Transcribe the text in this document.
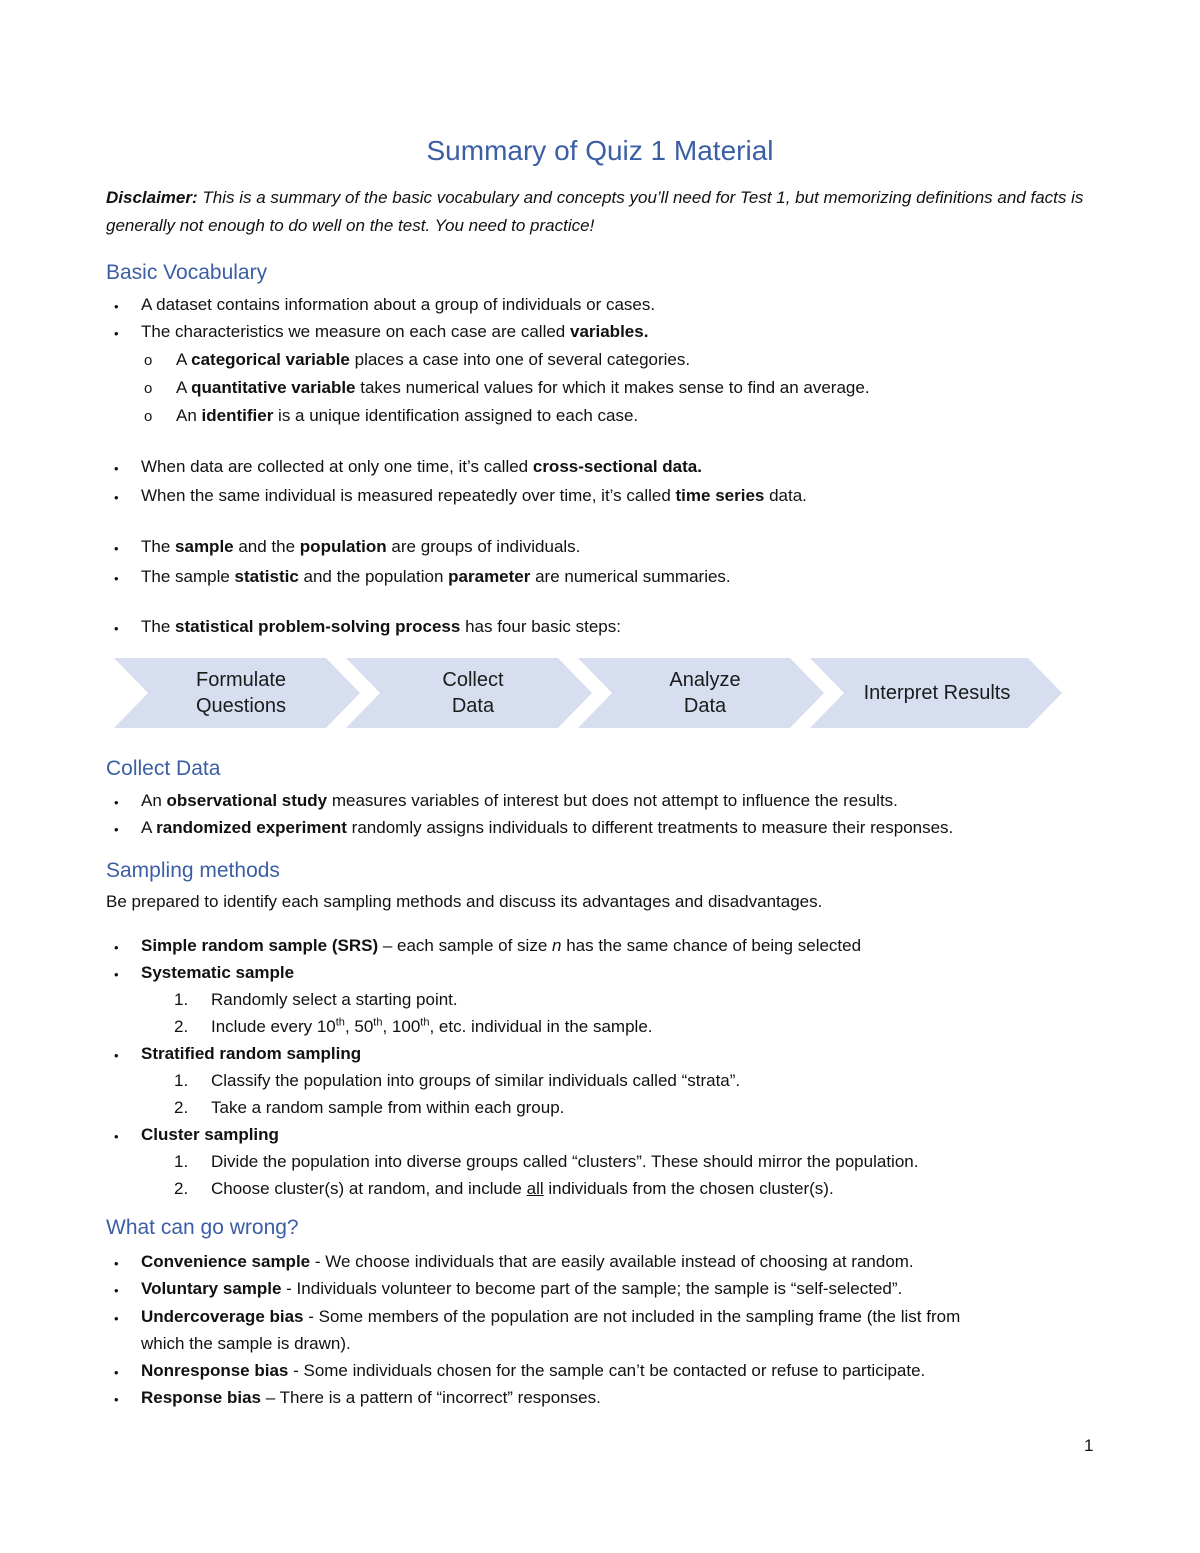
Summary of Quiz 1 Material
Disclaimer: This is a summary of the basic vocabulary and concepts you’ll need for Test 1, but memorizing definitions and facts is generally not enough to do well on the test. You need to practice!
Basic Vocabulary
• A dataset contains information about a group of individuals or cases.
• The characteristics we measure on each case are called variables.
o A categorical variable places a case into one of several categories.
o A quantitative variable takes numerical values for which it makes sense to find an average.
o An identifier is a unique identification assigned to each case.
• When data are collected at only one time, it’s called cross-sectional data.
• When the same individual is measured repeatedly over time, it’s called time series data.
• The sample and the population are groups of individuals.
• The sample statistic and the population parameter are numerical summaries.
• The statistical problem-solving process has four basic steps:
Formulate
Questions
Collect
Data
Analyze
Data
Interpret Results
Collect Data
• An observational study measures variables of interest but does not attempt to influence the results.
• A randomized experiment randomly assigns individuals to different treatments to measure their responses.
Sampling methods
Be prepared to identify each sampling methods and discuss its advantages and disadvantages.
• Simple random sample (SRS) – each sample of size n has the same chance of being selected
• Systematic sample
1. Randomly select a starting point.
2. Include every 10th, 50th, 100th, etc. individual in the sample.
• Stratified random sampling
1. Classify the population into groups of similar individuals called “strata”.
2. Take a random sample from within each group.
• Cluster sampling
1. Divide the population into diverse groups called “clusters”. These should mirror the population.
2. Choose cluster(s) at random, and include all individuals from the chosen cluster(s).
What can go wrong?
• Convenience sample - We choose individuals that are easily available instead of choosing at random.
• Voluntary sample - Individuals volunteer to become part of the sample; the sample is “self-selected”.
• Undercoverage bias - Some members of the population are not included in the sampling frame (the list from
which the sample is drawn).
• Nonresponse bias - Some individuals chosen for the sample can’t be contacted or refuse to participate.
• Response bias – There is a pattern of “incorrect” responses.
1
